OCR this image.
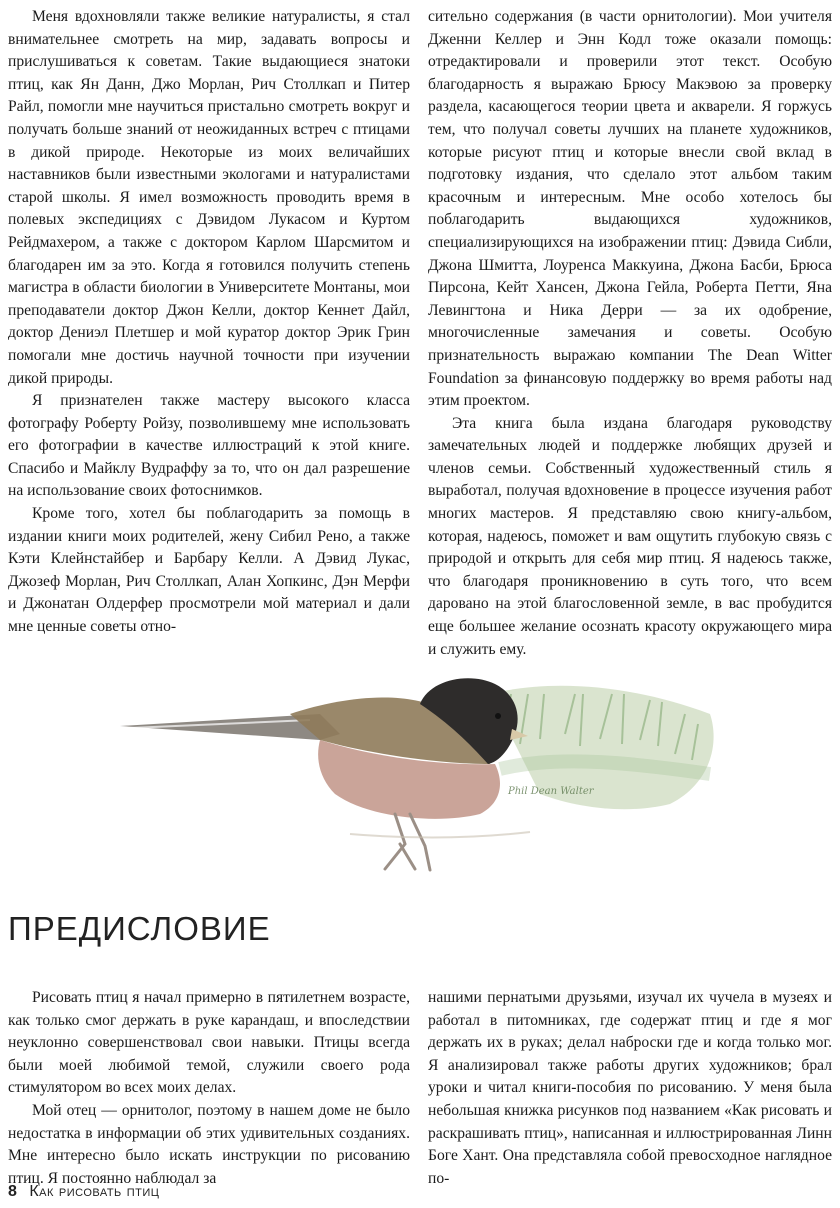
Меня вдохновляли также великие натуралисты, я стал внимательнее смотреть на мир, задавать вопросы и прислушиваться к советам. Такие выдающиеся знатоки птиц, как Ян Данн, Джо Морлан, Рич Столлкап и Питер Райл, помогли мне научиться пристально смотреть вокруг и получать больше знаний от неожиданных встреч с птицами в дикой природе. Некоторые из моих величайших наставников были известными экологами и натуралистами старой школы. Я имел возможность проводить время в полевых экспедициях с Дэвидом Лукасом и Куртом Рейдмахером, а также с доктором Карлом Шарсмитом и благодарен им за это. Когда я готовился получить степень магистра в области биологии в Университете Монтаны, мои преподаватели доктор Джон Келли, доктор Кеннет Дайл, доктор Дениэл Плетшер и мой куратор доктор Эрик Грин помогали мне достичь научной точности при изучении дикой природы.

Я признателен также мастеру высокого класса фотографу Роберту Ройзу, позволившему мне использовать его фотографии в качестве иллюстраций к этой книге. Спасибо и Майклу Вудраффу за то, что он дал разрешение на использование своих фотоснимков.

Кроме того, хотел бы поблагодарить за помощь в издании книги моих родителей, жену Сибил Рено, а также Кэти Клейнстайбер и Барбару Келли. А Дэвид Лукас, Джозеф Морлан, Рич Столлкап, Алан Хопкинс, Дэн Мерфи и Джонатан Олдерфер просмотрели мой материал и дали мне ценные советы отно-

сительно содержания (в части орнитологии). Мои учителя Дженни Келлер и Энн Кодл тоже оказали помощь: отредактировали и проверили этот текст. Особую благодарность я выражаю Брюсу Макэвою за проверку раздела, касающегося теории цвета и акварели. Я горжусь тем, что получал советы лучших на планете художников, которые рисуют птиц и которые внесли свой вклад в подготовку издания, что сделало этот альбом таким красочным и интересным. Мне особо хотелось бы поблагодарить выдающихся художников, специализирующихся на изображении птиц: Дэвида Сибли, Джона Шмитта, Лоуренса Маккуина, Джона Басби, Брюса Пирсона, Кейт Хансен, Джона Гейла, Роберта Петти, Яна Левингтона и Ника Дерри — за их одобрение, многочисленные замечания и советы. Особую признательность выражаю компании The Dean Witter Foundation за финансовую поддержку во время работы над этим проектом.

Эта книга была издана благодаря руководству замечательных людей и поддержке любящих друзей и членов семьи. Собственный художественный стиль я выработал, получая вдохновение в процессе изучения работ многих мастеров. Я представляю свою книгу-альбом, которая, надеюсь, поможет и вам ощутить глубокую связь с природой и открыть для себя мир птиц. Я надеюсь также, что благодаря проникновению в суть того, что всем дарованo на этой благословенной земле, в вас пробудится еще большее желание осознать красоту окружающего мира и служить ему.

Phil Dean Walter
ПРЕДИСЛОВИЕ

Рисовать птиц я начал примерно в пятилетнем возрасте, как только смог держать в руке карандаш, и впоследствии неуклонно совершенствовал свои навыки. Птицы всегда были моей любимой темой, служили своего рода стимулятором во всех моих делах.

Мой отец — орнитолог, поэтому в нашем доме не было недостатка в информации об этих удивительных созданиях. Мне интересно было искать инструкции по рисованию птиц. Я постоянно наблюдал за

нашими пернатыми друзьями, изучал их чучела в музеях и работал в питомниках, где содержат птиц и где я мог держать их в руках; делал наброски где и когда только мог. Я анализировал также работы других художников; брал уроки и читал книги-пособия по рисованию. У меня была небольшая книжка рисунков под названием «Как рисовать и раскрашивать птиц», написанная и иллюстрированная Линн Боге Хант. Она представляла собой превосходное наглядное по-

8 Как рисовать птиц
